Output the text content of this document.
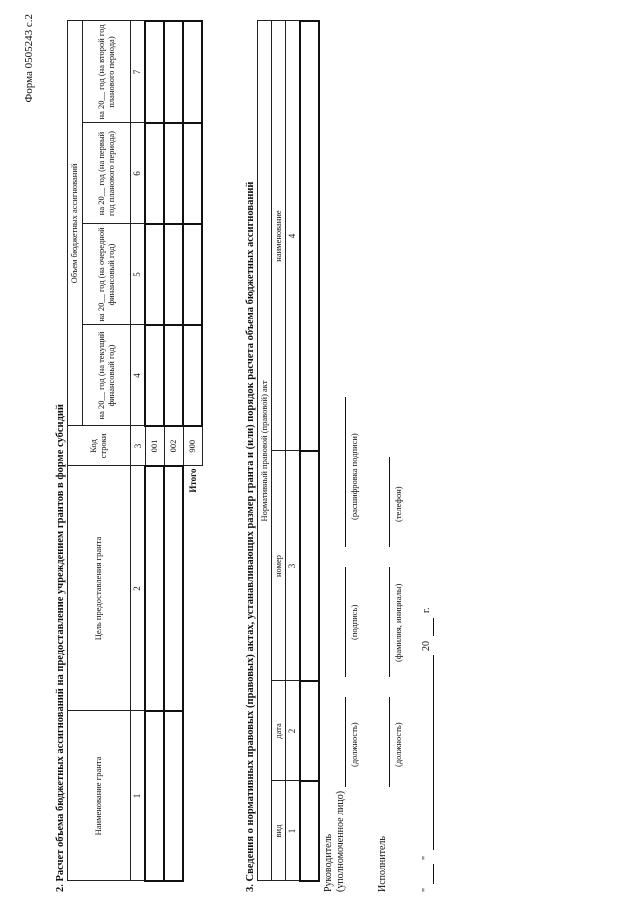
Форма 0505243 с.2
2. Расчет объема бюджетных ассигнований на предоставление учреждением грантов в форме субсидий	Наименование гранта	Цель предоставления гранта	Код строки	Объем бюджетных ассигнований			
			на 20__ год (на текущий финансовый год)	на 20__ год (на очередной финансовый год)	на 20__ год (на первый год планового периода)	на 20__ год (на второй год планового периода)
1	2	3	4	5	6	7
		001				
		002				
	Итого	900					3. Сведения о нормативных правовых (правовых) актах, устанавливающих размер гранта и (или) порядок расчета объема бюджетных ассигнований Нормативный правовой (правовой) акт			
вид	дата	номер	наименование
1	2	3	4

Руководитель (уполномоченное лицо)
(должность)
(подпись)
(расшифровка подписи)
Исполнитель
(должность)
(фамилия, инициалы)
(телефон)
"
"
20
г.
